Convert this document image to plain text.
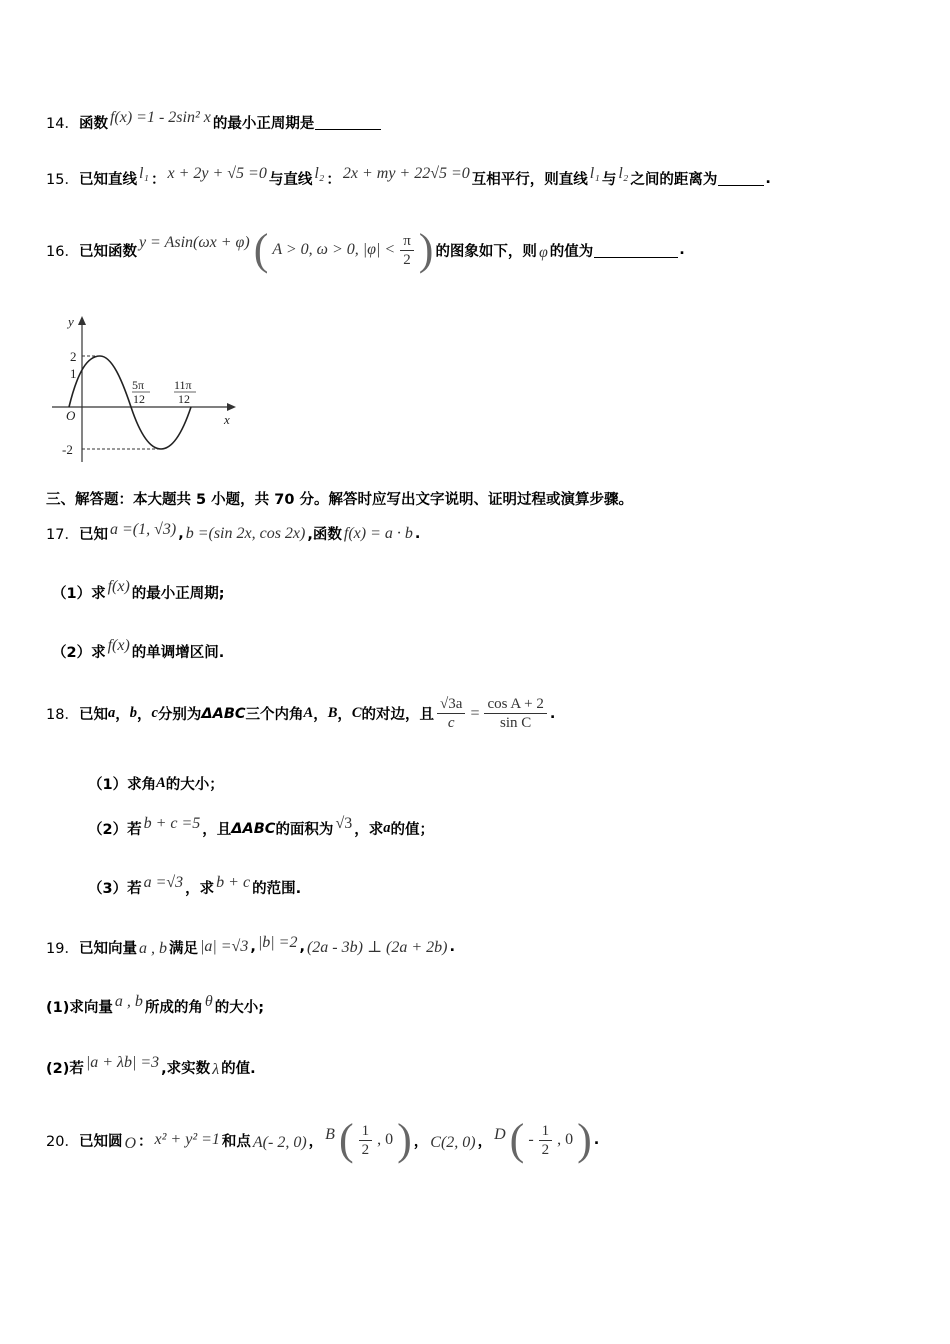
14． 函数 f(x) =1 - 2sin² x 的最小正周期是
15． 已知直线 l₁ ： x + 2y + √5 =0 与直线 l₂ ： 2x + my + 22√5 =0 互相平行，则直线 l₁ 与 l₂ 之间的距离为	.
16． 已知函数
y = Asin(ωx + φ) ( A > 0, ω > 0, $|\varphi| < \frac{\pi}{2}$ ) 的图象如下，则 φ 的值为	.
y
x
O
2
1
-2
5π
12
11π
12
三、解答题：本大题共 5 小题，共 70 分。解答时应写出文字说明、证明过程或演算步骤。
17． 已知 a =(1, √3) , b =(sin 2x, cos 2x) ,函数 f(x) = a · b .
（1）求 f(x) 的最小正周期;
（2）求 f(x) 的单调增区间.
18． 已知 a ， b ， c 分别为 ΔABC 三个内角 A ， B ， C 的对边，且 $\frac{√3a}{c} = \frac{\text{cos A + 2}}{\text{sin C}}$ .
（1）求角 A 的大小；
（2）若 b + c =5 ，且 ΔABC 的面积为 √3 ，求 a 的值；
（3）若 a =√3 ，求 b + c 的范围.
19． 已知向量 a , b 满足 |a| =√3 , |b| =2 , (2a - 3b) ⊥ (2a + 2b) .
(1)求向量 a , b 所成的角 θ 的大小;
(2)若 |a + λb| =3 ,求实数 λ 的值.
20． 已知圆 O ： x² + y² =1 和点 A(- 2, 0) ， B ( $\frac{1}{2}$ , 0 ) ， C(2, 0) ， D ( - $\frac{1}{2}$ , 0 ) .
